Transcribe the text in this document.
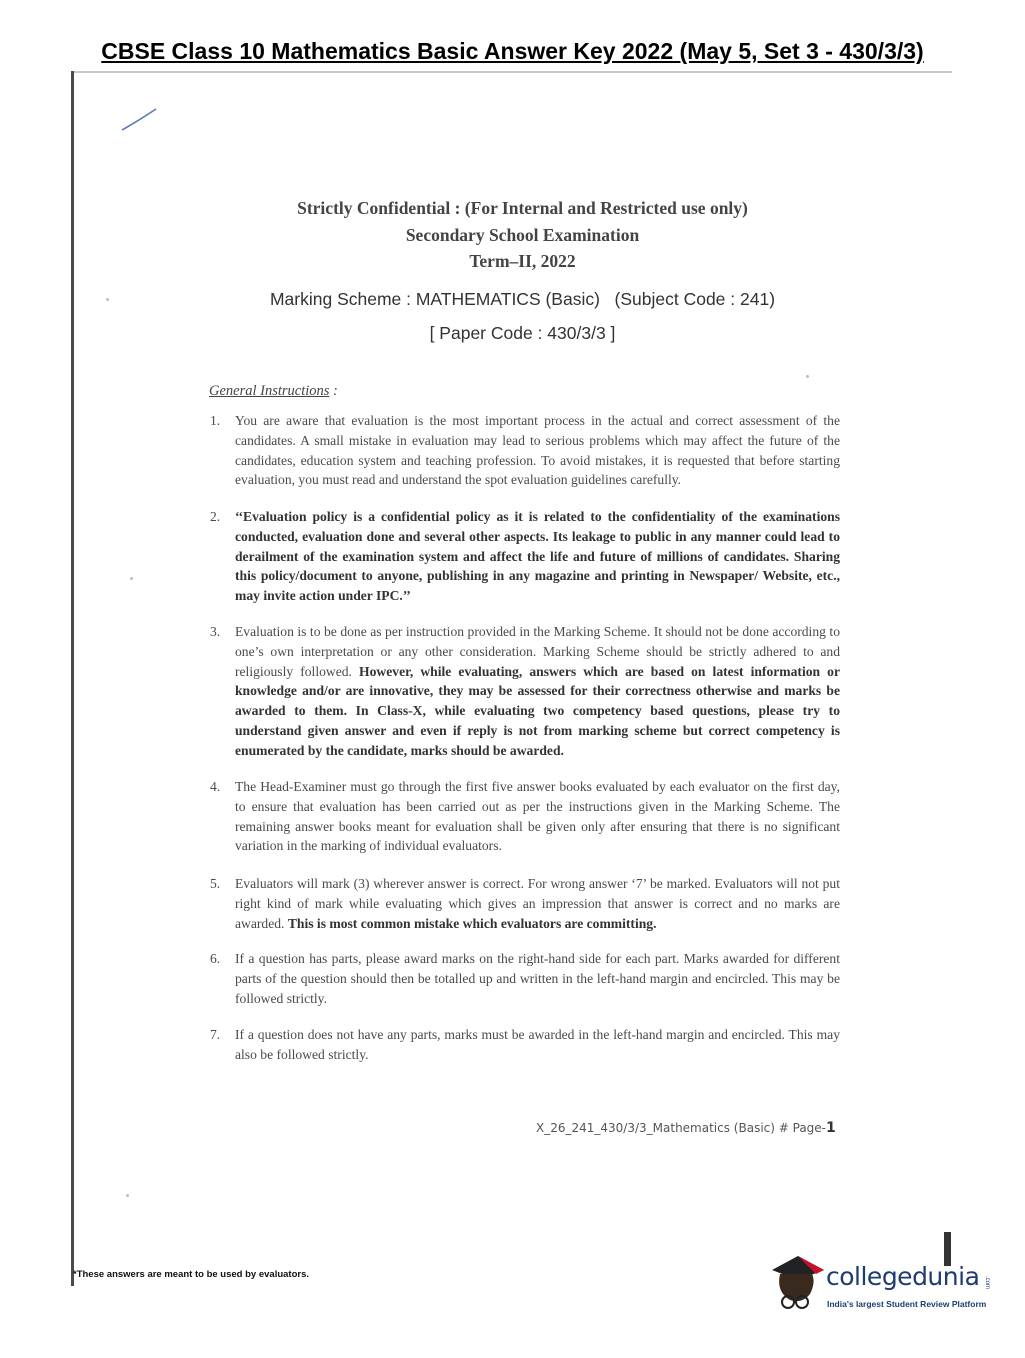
CBSE Class 10 Mathematics Basic Answer Key 2022 (May 5, Set 3 - 430/3/3)
Strictly Confidential : (For Internal and Restricted use only)
Secondary School Examination
Term–II, 2022
Marking Scheme : MATHEMATICS (Basic)   (Subject Code : 241)
[ Paper Code : 430/3/3 ]
General Instructions :
1.	You are aware that evaluation is the most important process in the actual and correct assessment of the candidates. A small mistake in evaluation may lead to serious problems which may affect the future of the candidates, education system and teaching profession. To avoid mistakes, it is requested that before starting evaluation, you must read and understand the spot evaluation guidelines carefully.
2.	‘‘Evaluation policy is a confidential policy as it is related to the confidentiality of the examinations conducted, evaluation done and several other aspects. Its leakage to public in any manner could lead to derailment of the examination system and affect the life and future of millions of candidates. Sharing this policy/document to anyone, publishing in any magazine and printing in Newspaper/ Website, etc., may invite action under IPC.’’
3.	Evaluation is to be done as per instruction provided in the Marking Scheme. It should not be done according to one’s own interpretation or any other consideration. Marking Scheme should be strictly adhered to and religiously followed. However, while evaluating, answers which are based on latest information or knowledge and/or are innovative, they may be assessed for their correctness otherwise and marks be awarded to them. In Class-X, while evaluating two competency based questions, please try to understand given answer and even if reply is not from marking scheme but correct competency is enumerated by the candidate, marks should be awarded.
4.	The Head-Examiner must go through the first five answer books evaluated by each evaluator on the first day, to ensure that evaluation has been carried out as per the instructions given in the Marking Scheme. The remaining answer books meant for evaluation shall be given only after ensuring that there is no significant variation in the marking of individual evaluators.
5.	Evaluators will mark (3) wherever answer is correct. For wrong answer ‘7’ be marked. Evaluators will not put right kind of mark while evaluating which gives an impression that answer is correct and no marks are awarded. This is most common mistake which evaluators are committing.
6.	If a question has parts, please award marks on the right-hand side for each part. Marks awarded for different parts of the question should then be totalled up and written in the left-hand margin and encircled. This may be followed strictly.
7.	If a question does not have any parts, marks must be awarded in the left-hand margin and encircled. This may also be followed strictly.
X_26_241_430/3/3_Mathematics (Basic) # Page-1
*These answers are meant to be used by evaluators.	collegedunia .com
India's largest Student Review Platform
